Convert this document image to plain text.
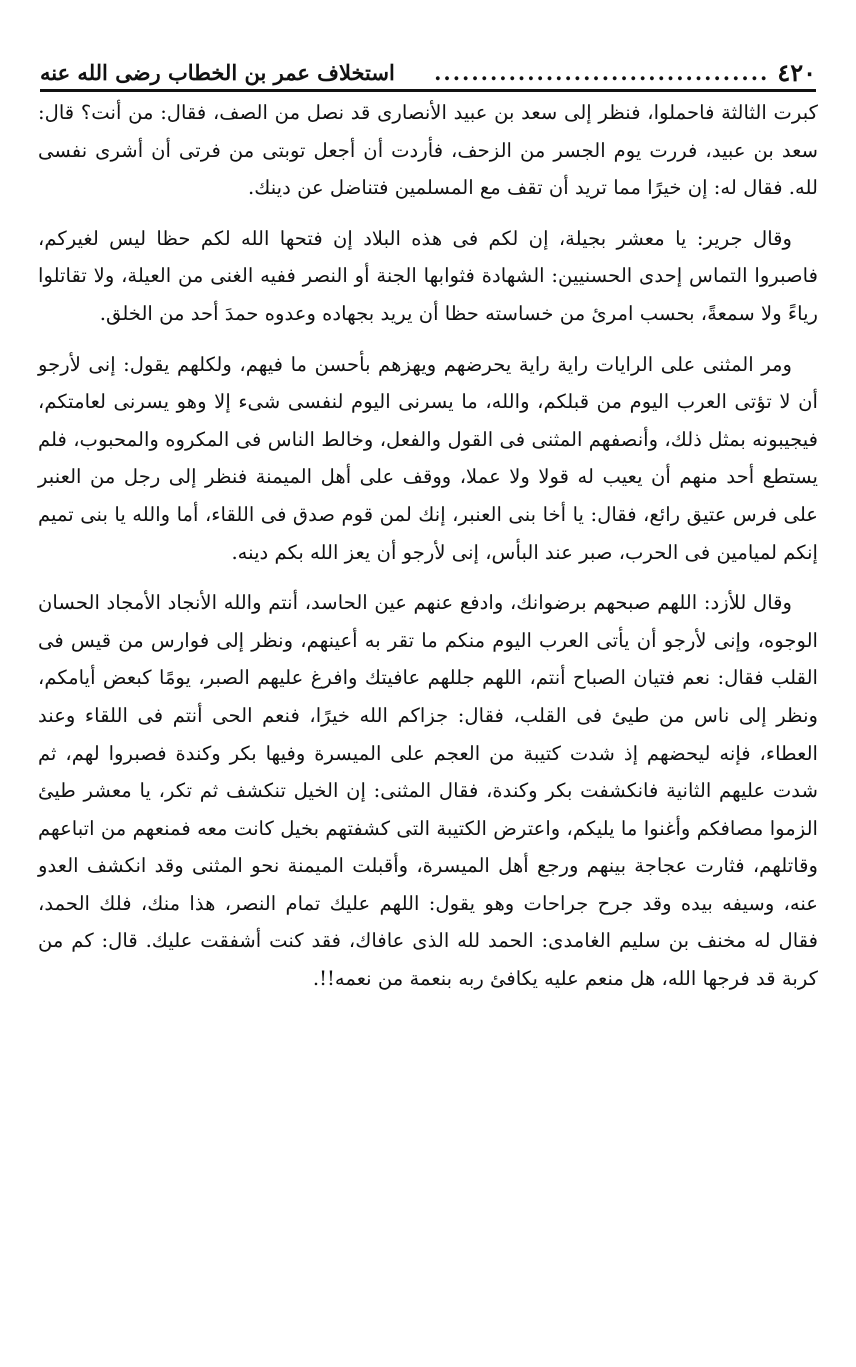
٤٢٠
....................................
استخلاف عمر بن الخطاب رضى الله عنه

كبرت الثالثة فاحملوا، فنظر إلى سعد بن عبيد الأنصارى قد نصل من الصف، فقال: من أنت؟ قال: سعد بن عبيد، فررت يوم الجسر من الزحف، فأردت أن أجعل توبتى من فرتى أن أشرى نفسى لله. فقال له: إن خيرًا مما تريد أن تقف مع المسلمين فتناضل عن دينك.

وقال جرير: يا معشر بجيلة، إن لكم فى هذه البلاد إن فتحها الله لكم حظا ليس لغيركم، فاصبروا التماس إحدى الحسنيين: الشهادة فثوابها الجنة أو النصر ففيه الغنى من العيلة، ولا تقاتلوا رياءً ولا سمعةً، بحسب امرئ من خساسته حظا أن يريد بجهاده وعدوه حمدَ أحد من الخلق.

ومر المثنى على الرايات راية راية يحرضهم ويهزهم بأحسن ما فيهم، ولكلهم يقول: إنى لأرجو أن لا تؤتى العرب اليوم من قبلكم، والله، ما يسرنى اليوم لنفسى شىء إلا وهو يسرنى لعامتكم، فيجيبونه بمثل ذلك، وأنصفهم المثنى فى القول والفعل، وخالط الناس فى المكروه والمحبوب، فلم يستطع أحد منهم أن يعيب له قولا ولا عملا، ووقف على أهل الميمنة فنظر إلى رجل من العنبر على فرس عتيق رائع، فقال: يا أخا بنى العنبر، إنك لمن قوم صدق فى اللقاء، أما والله يا بنى تميم إنكم لميامين فى الحرب، صبر عند البأس، إنى لأرجو أن يعز الله بكم دينه.

وقال للأزد: اللهم صبحهم برضوانك، وادفع عنهم عين الحاسد، أنتم والله الأنجاد الأمجاد الحسان الوجوه، وإنى لأرجو أن يأتى العرب اليوم منكم ما تقر به أعينهم، ونظر إلى فوارس من قيس فى القلب فقال: نعم فتيان الصباح أنتم، اللهم جللهم عافيتك وافرغ عليهم الصبر، يومًا كبعض أيامكم، ونظر إلى ناس من طيئ فى القلب، فقال: جزاكم الله خيرًا، فنعم الحى أنتم فى اللقاء وعند العطاء، فإنه ليحضهم إذ شدت كتيبة من العجم على الميسرة وفيها بكر وكندة فصبروا لهم، ثم شدت عليهم الثانية فانكشفت بكر وكندة، فقال المثنى: إن الخيل تنكشف ثم تكر، يا معشر طيئ الزموا مصافكم وأغنوا ما يليكم، واعترض الكتيبة التى كشفتهم بخيل كانت معه فمنعهم من اتباعهم وقاتلهم، فثارت عجاجة بينهم ورجع أهل الميسرة، وأقبلت الميمنة نحو المثنى وقد انكشف العدو عنه، وسيفه بيده وقد جرح جراحات وهو يقول: اللهم عليك تمام النصر، هذا منك، فلك الحمد، فقال له مخنف بن سليم الغامدى: الحمد لله الذى عافاك، فقد كنت أشفقت عليك. قال: كم من كربة قد فرجها الله، هل منعم عليه يكافئ ربه بنعمة من نعمه!!.
